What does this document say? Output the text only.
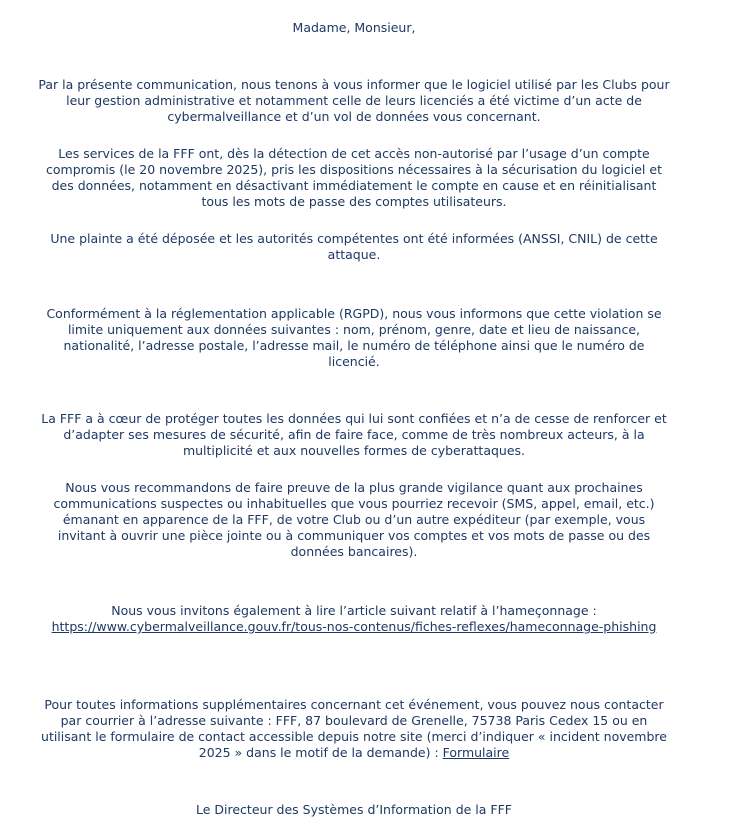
Madame, Monsieur,

Par la présente communication, nous tenons à vous informer que le logiciel utilisé par les Clubs pour leur gestion administrative et notamment celle de leurs licenciés a été victime d’un acte de cybermalveillance et d’un vol de données vous concernant.

Les services de la FFF ont, dès la détection de cet accès non-autorisé par l’usage d’un compte compromis (le 20 novembre 2025), pris les dispositions nécessaires à la sécurisation du logiciel et des données, notamment en désactivant immédiatement le compte en cause et en réinitialisant tous les mots de passe des comptes utilisateurs.

Une plainte a été déposée et les autorités compétentes ont été informées (ANSSI, CNIL) de cette attaque.

Conformément à la réglementation applicable (RGPD), nous vous informons que cette violation se limite uniquement aux données suivantes : nom, prénom, genre, date et lieu de naissance, nationalité, l’adresse postale, l’adresse mail, le numéro de téléphone ainsi que le numéro de licencié.

La FFF a à cœur de protéger toutes les données qui lui sont confiées et n’a de cesse de renforcer et d’adapter ses mesures de sécurité, afin de faire face, comme de très nombreux acteurs, à la multiplicité et aux nouvelles formes de cyberattaques.

Nous vous recommandons de faire preuve de la plus grande vigilance quant aux prochaines communications suspectes ou inhabituelles que vous pourriez recevoir (SMS, appel, email, etc.) émanant en apparence de la FFF, de votre Club ou d’un autre expéditeur (par exemple, vous invitant à ouvrir une pièce jointe ou à communiquer vos comptes et vos mots de passe ou des données bancaires).

Nous vous invitons également à lire l’article suivant relatif à l’hameçonnage : https://www.cybermalveillance.gouv.fr/tous-nos-contenus/fiches-reflexes/hameconnage-phishing

Pour toutes informations supplémentaires concernant cet événement, vous pouvez nous contacter par courrier à l’adresse suivante : FFF, 87 boulevard de Grenelle, 75738 Paris Cedex 15 ou en utilisant le formulaire de contact accessible depuis notre site (merci d’indiquer « incident novembre 2025 » dans le motif de la demande) : Formulaire

Le Directeur des Systèmes d’Information de la FFF
